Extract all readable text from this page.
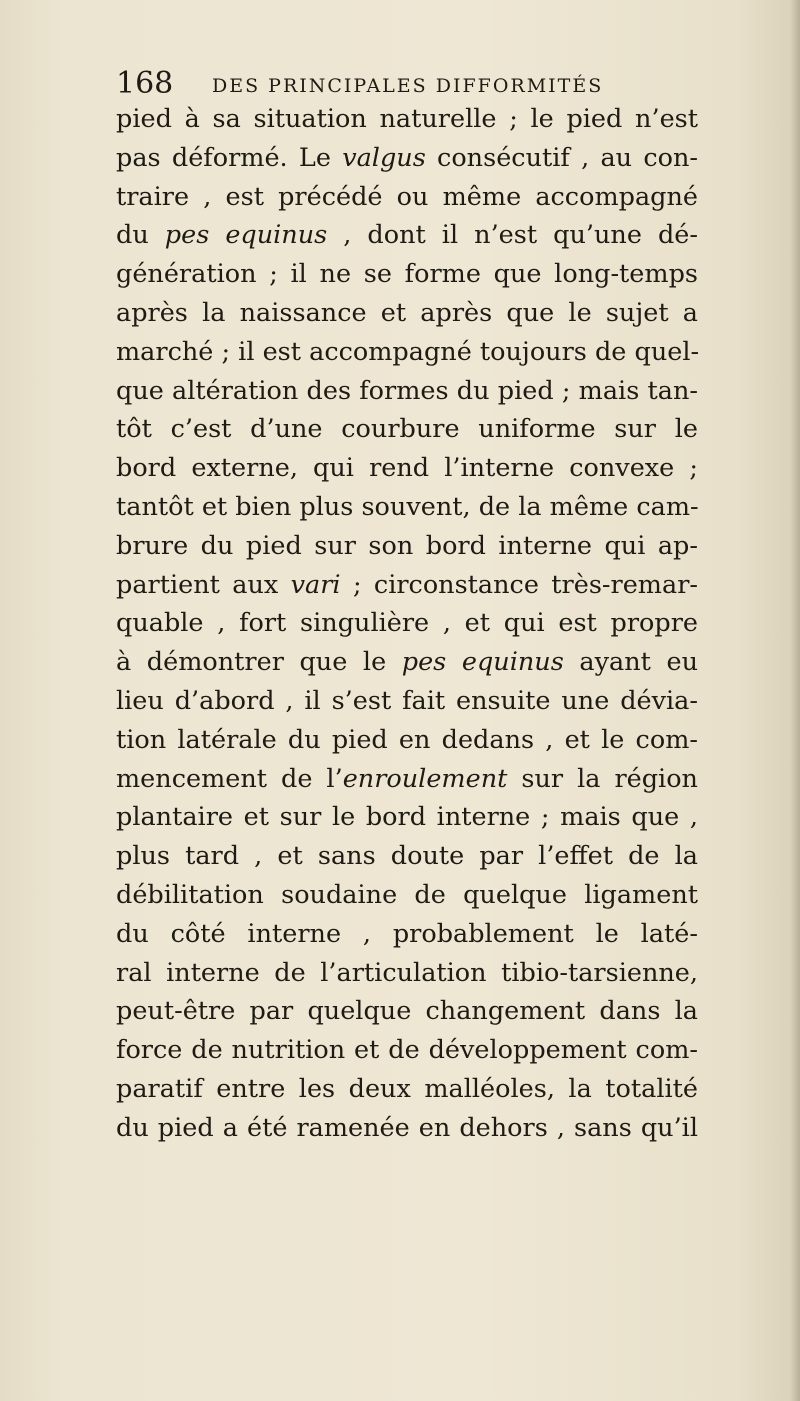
168 DES PRINCIPALES DIFFORMITÉS
pied à sa situation naturelle ; le pied n’est
pas déformé. Le valgus consécutif , au con-
traire , est précédé ou même accompagné
du pes equinus , dont il n’est qu’une dé-
génération ; il ne se forme que long-temps
après la naissance et après que le sujet a
marché ; il est accompagné toujours de quel-
que altération des formes du pied ; mais tan-
tôt c’est d’une courbure uniforme sur le
bord externe, qui rend l’interne convexe ;
tantôt et bien plus souvent, de la même cam-
brure du pied sur son bord interne qui ap-
partient aux vari ; circonstance très-remar-
quable , fort singulière , et qui est propre
à démontrer que le pes equinus ayant eu
lieu d’abord , il s’est fait ensuite une dévia-
tion latérale du pied en dedans , et le com-
mencement de l’enroulement sur la région
plantaire et sur le bord interne ; mais que ,
plus tard , et sans doute par l’effet de la
débilitation soudaine de quelque ligament
du côté interne , probablement le laté-
ral interne de l’articulation tibio-tarsienne,
peut-être par quelque changement dans la
force de nutrition et de développement com-
paratif entre les deux malléoles, la totalité
du pied a été ramenée en dehors , sans qu’il
